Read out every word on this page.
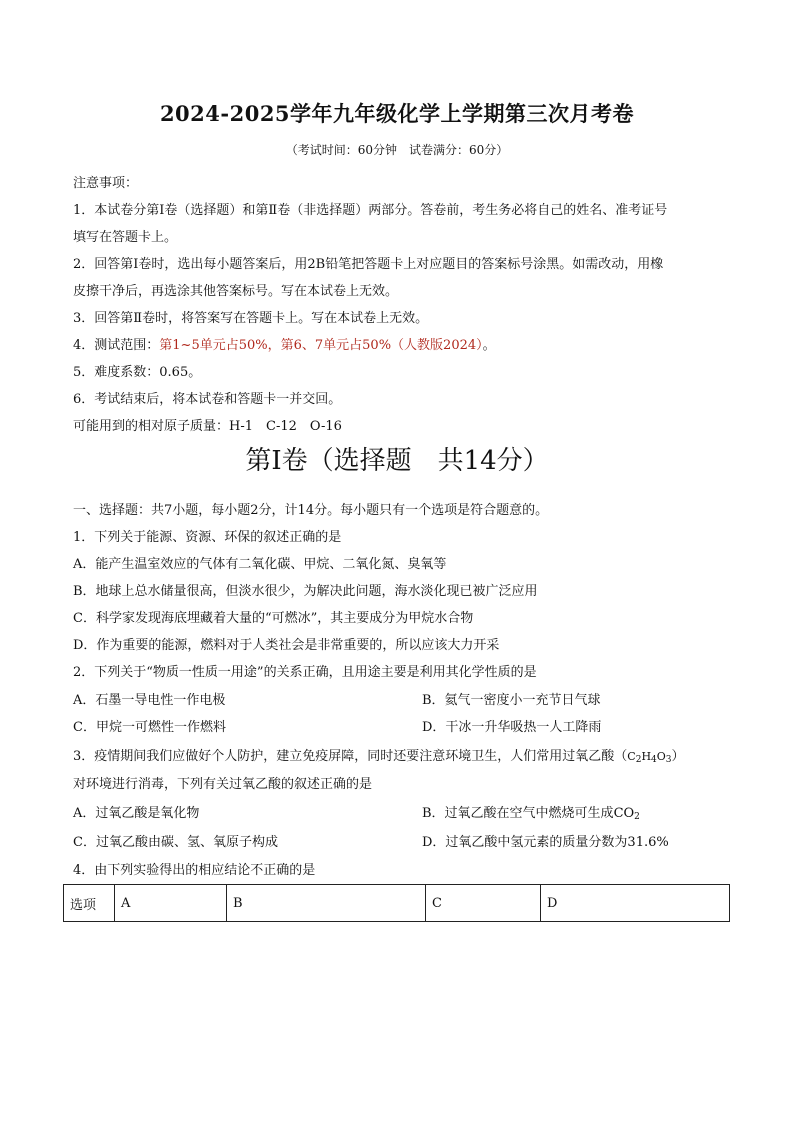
2024-2025学年九年级化学上学期第三次月考卷
（考试时间：60分钟　试卷满分：60分）
注意事项：
1．本试卷分第Ⅰ卷（选择题）和第Ⅱ卷（非选择题）两部分。答卷前，考生务必将自己的姓名、准考证号
填写在答题卡上。
2．回答第Ⅰ卷时，选出每小题答案后，用2B铅笔把答题卡上对应题目的答案标号涂黑。如需改动，用橡
皮擦干净后，再选涂其他答案标号。写在本试卷上无效。
3．回答第Ⅱ卷时，将答案写在答题卡上。写在本试卷上无效。
4．测试范围：第1~5单元占50%，第6、7单元占50%（人教版2024）。
5．难度系数：0.65。
6．考试结束后，将本试卷和答题卡一并交回。
可能用到的相对原子质量：H-1　C-12　O-16
第Ⅰ卷（选择题　共14分）
一、选择题：共7小题，每小题2分，计14分。每小题只有一个选项是符合题意的。
1．下列关于能源、资源、环保的叙述正确的是
A．能产生温室效应的气体有二氧化碳、甲烷、二氧化氮、臭氧等
B．地球上总水储量很高，但淡水很少，为解决此问题，海水淡化现已被广泛应用
C．科学家发现海底埋藏着大量的“可燃冰”，其主要成分为甲烷水合物
D．作为重要的能源，燃料对于人类社会是非常重要的，所以应该大力开采
2．下列关于“物质一性质一用途”的关系正确，且用途主要是利用其化学性质的是
A．石墨一导电性一作电极	B．氦气一密度小一充节日气球
C．甲烷一可燃性一作燃料	D．干冰一升华吸热一人工降雨
3．疫情期间我们应做好个人防护，建立免疫屏障，同时还要注意环境卫生，人们常用过氧乙酸$(C_2H_4O_3)$
对环境进行消毒，下列有关过氧乙酸的叙述正确的是
A．过氧乙酸是氧化物	B．过氧乙酸在空气中燃烧可生成$CO_2$
C．过氧乙酸由碳、氢、氧原子构成	D．过氧乙酸中氢元素的质量分数为31.6%
4．由下列实验得出的相应结论不正确的是
选项	A	B	C	D
